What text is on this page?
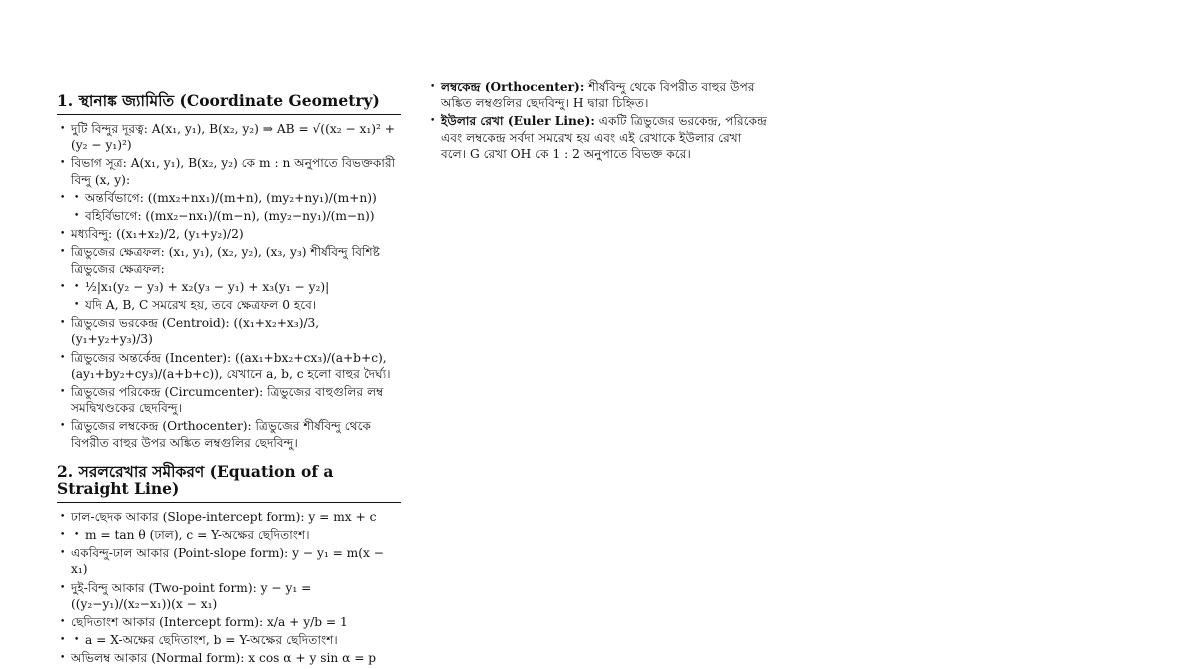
1. স্থানাঙ্ক জ্যামিতি (Coordinate Geometry)
• দুটি বিন্দুর দূরত্ব: A(x₁, y₁), B(x₂, y₂) ⇒ AB = √((x₂ − x₁)² + (y₂ − y₁)²)
• বিভাগ সূত্র: A(x₁, y₁), B(x₂, y₂) কে m : n অনুপাতে বিভক্তকারী বিন্দু (x, y):
• • অন্তর্বিভাগে: ((mx₂+nx₁)/(m+n), (my₂+ny₁)/(m+n))
• বহির্বিভাগে: ((mx₂−nx₁)/(m−n), (my₂−ny₁)/(m−n))
• মধ্যবিন্দু: ((x₁+x₂)/2, (y₁+y₂)/2)
• ত্রিভুজের ক্ষেত্রফল: (x₁, y₁), (x₂, y₂), (x₃, y₃) শীর্ষবিন্দু বিশিষ্ট ত্রিভুজের ক্ষেত্রফল:
• • ½|x₁(y₂ − y₃) + x₂(y₃ − y₁) + x₃(y₁ − y₂)|
• যদি A, B, C সমরেখ হয়, তবে ক্ষেত্রফল 0 হবে।
• ত্রিভুজের ভরকেন্দ্র (Centroid): ((x₁+x₂+x₃)/3, (y₁+y₂+y₃)/3)
• ত্রিভুজের অন্তর্কেন্দ্র (Incenter): ((ax₁+bx₂+cx₃)/(a+b+c), (ay₁+by₂+cy₃)/(a+b+c)), যেখানে a, b, c হলো বাহুর দৈর্ঘ্য।
• ত্রিভুজের পরিকেন্দ্র (Circumcenter): ত্রিভুজের বাহুগুলির লম্ব সমদ্বিখণ্ডকের ছেদবিন্দু।
• ত্রিভুজের লম্বকেন্দ্র (Orthocenter): ত্রিভুজের শীর্ষবিন্দু থেকে বিপরীত বাহুর উপর অঙ্কিত লম্বগুলির ছেদবিন্দু।
2. সরলরেখার সমীকরণ (Equation of a Straight Line)
• ঢাল-ছেদক আকার (Slope-intercept form): y = mx + c
• • m = tan θ (ঢাল), c = Y-অক্ষের ছেদিতাংশ।
• একবিন্দু-ঢাল আকার (Point-slope form): y − y₁ = m(x − x₁)
• দুই-বিন্দু আকার (Two-point form): y − y₁ = ((y₂−y₁)/(x₂−x₁))(x − x₁)
• ছেদিতাংশ আকার (Intercept form): x/a + y/b = 1
• • a = X-অক্ষের ছেদিতাংশ, b = Y-অক্ষের ছেদিতাংশ।
• অভিলম্ব আকার (Normal form): x cos α + y sin α = p
• লম্বকেন্দ্র (Orthocenter): শীর্ষবিন্দু থেকে বিপরীত বাহুর উপর অঙ্কিত লম্বগুলির ছেদবিন্দু। H দ্বারা চিহ্নিত।
• ইউলার রেখা (Euler Line): একটি ত্রিভুজের ভরকেন্দ্র, পরিকেন্দ্র এবং লম্বকেন্দ্র সর্বদা সমরেখ হয় এবং এই রেখাকে ইউলার রেখা বলে। G রেখা OH কে 1 : 2 অনুপাতে বিভক্ত করে।
